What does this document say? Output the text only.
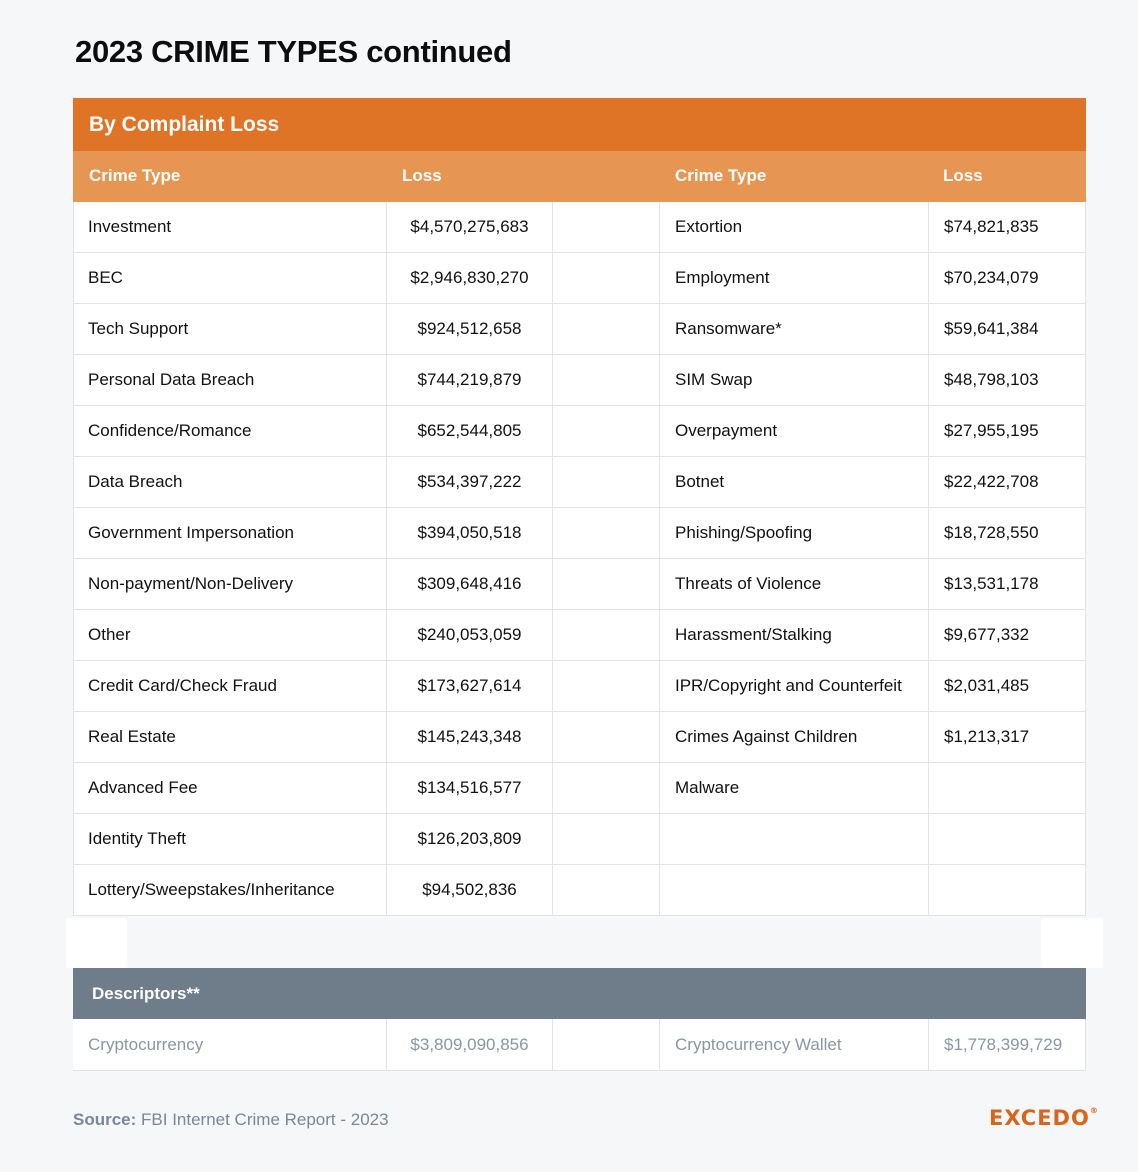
2023 CRIME TYPES continued
By Complaint Loss
Crime Type	Loss	Crime Type	Loss
Investment	$4,570,275,683	Extortion	$74,821,835
BEC	$2,946,830,270	Employment	$70,234,079
Tech Support	$924,512,658	Ransomware*	$59,641,384
Personal Data Breach	$744,219,879	SIM Swap	$48,798,103
Confidence/Romance	$652,544,805	Overpayment	$27,955,195
Data Breach	$534,397,222	Botnet	$22,422,708
Government Impersonation	$394,050,518	Phishing/Spoofing	$18,728,550
Non-payment/Non-Delivery	$309,648,416	Threats of Violence	$13,531,178
Other	$240,053,059	Harassment/Stalking	$9,677,332
Credit Card/Check Fraud	$173,627,614	IPR/Copyright and Counterfeit	$2,031,485
Real Estate	$145,243,348	Crimes Against Children	$1,213,317
Advanced Fee	$134,516,577	Malware
Identity Theft	$126,203,809
Lottery/Sweepstakes/Inheritance	$94,502,836
Descriptors**
Cryptocurrency	$3,809,090,856	Cryptocurrency Wallet	$1,778,399,729
Source: FBI Internet Crime Report - 2023	EXCEDO®
